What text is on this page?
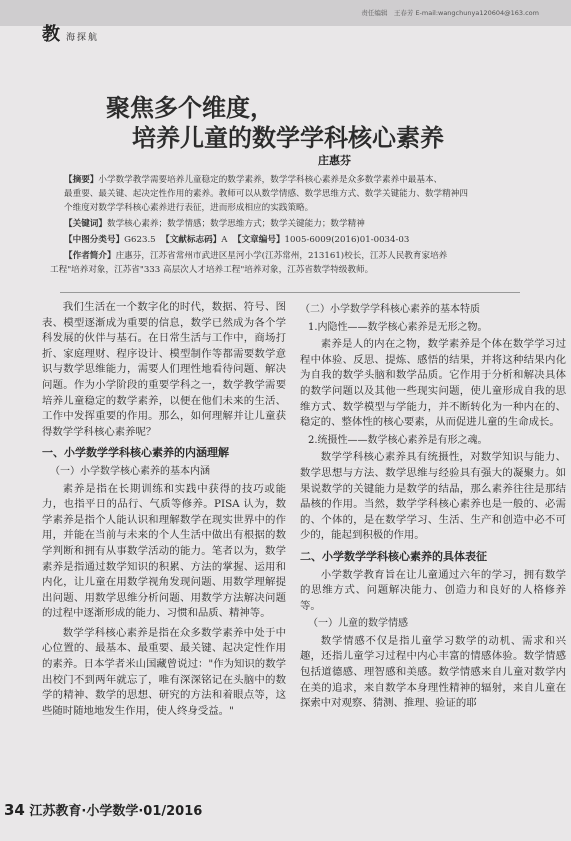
教海探航
责任编辑　王春芳 E-mail:wangchunya120604@163.com
聚焦多个维度，
培养儿童的数学学科核心素养
庄惠芬
【摘要】小学数学教学需要培养儿童稳定的数学素养，数学学科核心素养是众多数学素养中最基本、
最重要、最关键、起决定性作用的素养。教师可以从数学情感、数学思维方式、数学关键能力、数学精神四
个维度对数学学科核心素养进行表征，进而形成相应的实践策略。
【关键词】数学核心素养；数学情感；数学思维方式；数学关键能力；数学精神
【中图分类号】G623.5 【文献标志码】A 【文章编号】1005-6009(2016)01-0034-03
【作者简介】庄惠芬，江苏省常州市武进区星河小学(江苏常州，213161)校长，江苏人民教育家培养
工程"培养对象，江苏省"333 高层次人才培养工程"培养对象，江苏省数学特级教师。

我们生活在一个数字化的时代，数据、符号、图表、模型逐渐成为重要的信息，数学已然成为各个学科发展的伙伴与基石。在日常生活与工作中，商场打折、家庭理财、程序设计、模型制作等都需要数学意识与数学思维能力，需要人们理性地看待问题、解决问题。作为小学阶段的重要学科之一，数学教学需要培养儿童稳定的数学素养，以便在他们未来的生活、工作中发挥重要的作用。那么，如何理解并让儿童获得数学学科核心素养呢？

一、小学数学学科核心素养的内涵理解
（一）小学数学核心素养的基本内涵

素养是指在长期训练和实践中获得的技巧或能力，也指平日的品行、气质等修养。PISA 认为，数学素养是指个人能认识和理解数学在现实世界中的作用，并能在当前与未来的个人生活中做出有根据的数学判断和拥有从事数学活动的能力。笔者以为，数学素养是指通过数学知识的积累、方法的掌握、运用和内化，让儿童在用数学视角发现问题、用数学理解提出问题、用数学思维分析问题、用数学方法解决问题的过程中逐渐形成的能力、习惯和品质、精神等。

数学学科核心素养是指在众多数学素养中处于中心位置的、最基本、最重要、最关键、起决定性作用的素养。日本学者米山国藏曾说过："作为知识的数学出校门不到两年就忘了，唯有深深铭记在头脑中的数学的精神、数学的思想、研究的方法和着眼点等，这些随时随地地发生作用，使人终身受益。"

（二）小学数学学科核心素养的基本特质
1.内隐性——数学核心素养是无形之物。

素养是人的内在之物，数学素养是个体在数学学习过程中体验、反思、提炼、感悟的结果，并将这种结果内化为自我的数学头脑和数学品质。它作用于分析和解决具体的数学问题以及其他一些现实问题，使儿童形成自我的思维方式、数学模型与学能力，并不断转化为一种内在的、稳定的、整体性的核心要素，从而促进儿童的生命成长。

2.统摄性——数学核心素养是有形之魂。

数学学科核心素养具有统摄性，对数学知识与能力、数学思想与方法、数学思维与经验具有强大的凝聚力。如果说数学的关键能力是数学的结晶，那么素养往往是那结晶核的作用。当然，数学学科核心素养也是一般的、必需的、个体的，是在数学学习、生活、生产和创造中必不可少的，能起到积极的作用。

二、小学数学学科核心素养的具体表征

小学数学教育旨在让儿童通过六年的学习，拥有数学的思维方式、问题解决能力、创造力和良好的人格修养等。

（一）儿童的数学情感

数学情感不仅是指儿童学习数学的动机、需求和兴趣，还指儿童学习过程中内心丰富的情感体验。数学情感包括道德感、理智感和美感。数学情感来自儿童对数学内在美的追求，来自数学本身理性精神的辐射，来自儿童在探索中对观察、猜测、推理、验证的耶

34 江苏教育·小学数学·01/2016
